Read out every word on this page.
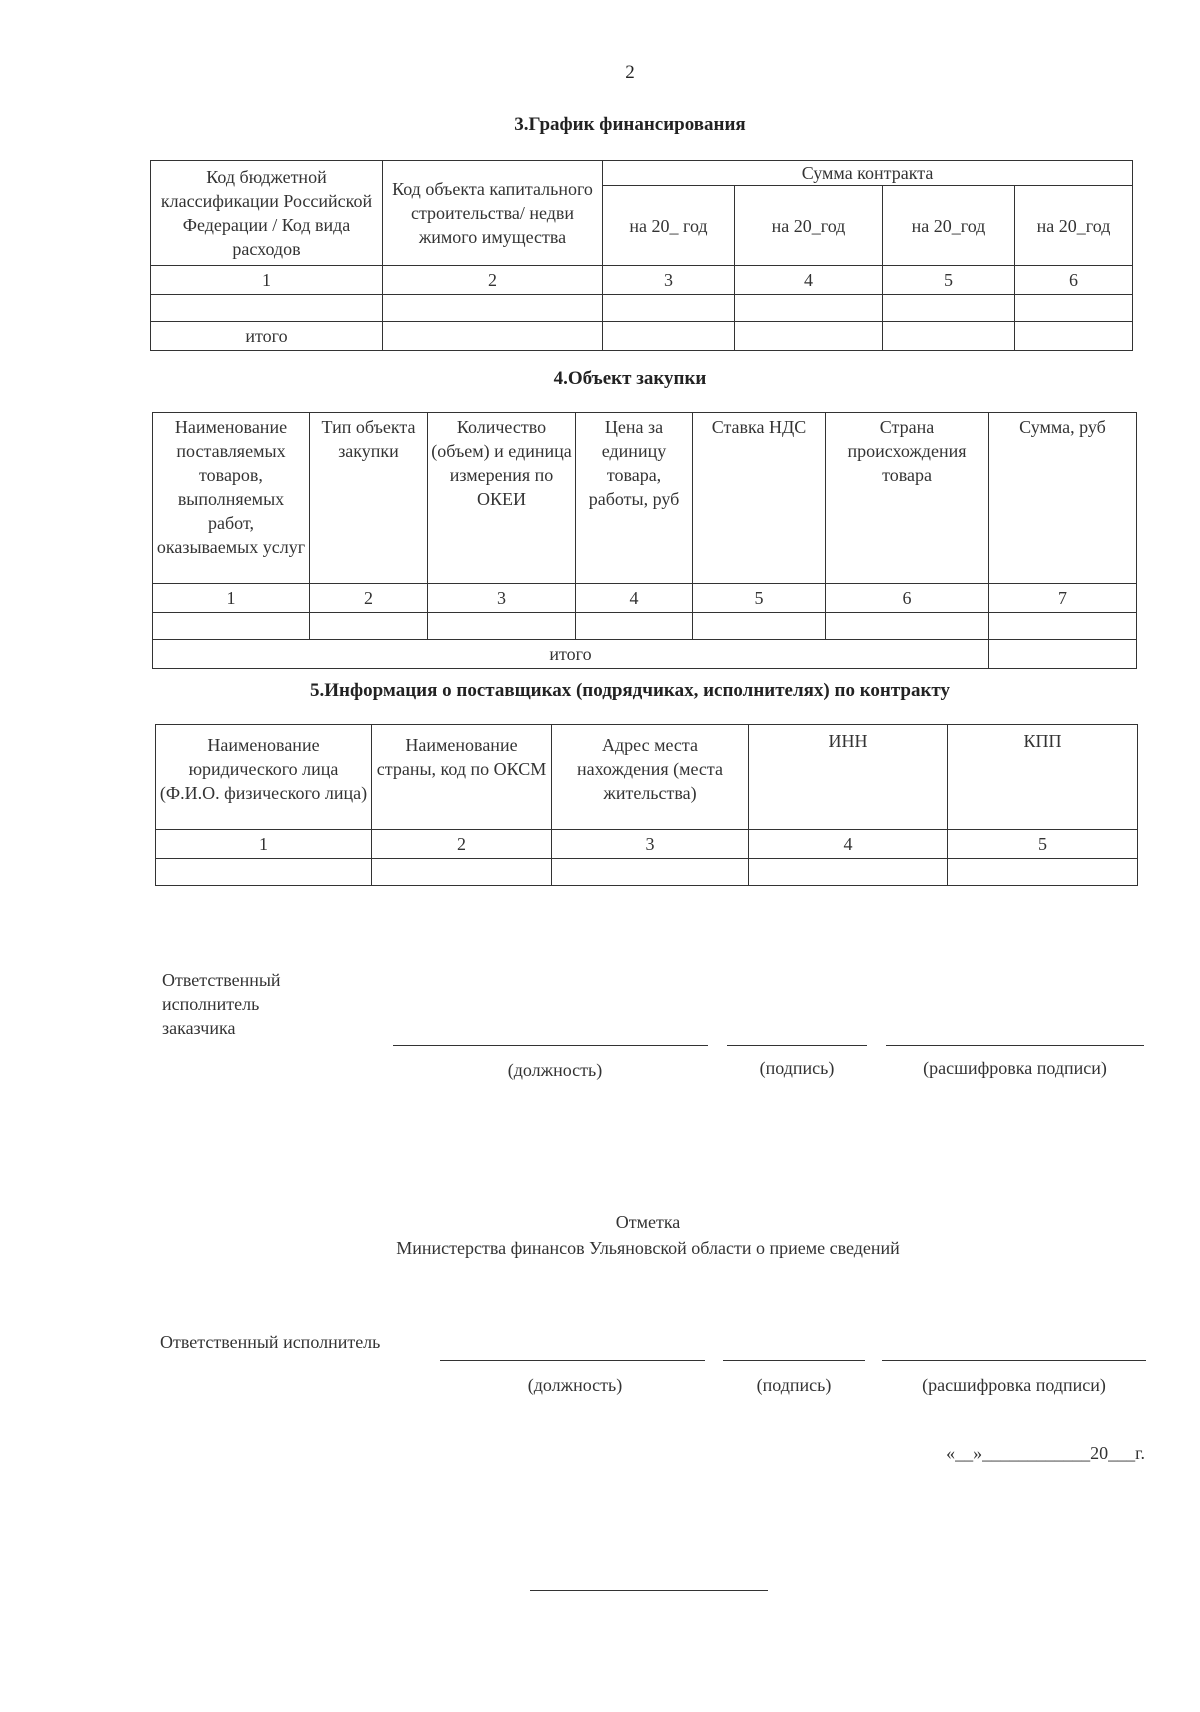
2
3.График финансирования
Код бюджетной классификации Российской Федерации / Код вида расходов	Код объекта капитального строительства/ недви жимого имущества	Сумма контракта			
		на 20_ год	на 20_год	на 20_год	на 20_год
1	2	3	4	5	6

итого					
4.Объект закупки
Наименование поставляемых товаров, выполняемых работ, оказываемых услуг	Тип объекта закупки	Количество (объем) и единица измерения по ОКЕИ	Цена за единицу товара, работы, руб	Ставка НДС	Страна происхождения товара	Сумма, руб
1	2	3	4	5	6	7

итого						
5.Информация о поставщиках (подрядчиках, исполнителях) по контракту
Наименование юридического лица (Ф.И.О. физического лица)	Наименование страны, код по ОКСМ	Адрес места нахождения (места жительства)	ИНН	КПП
1	2	3	4	5

Ответственный исполнитель заказчика
(должность)	(подпись)	(расшифровка подписи)
Отметка
Министерства финансов Ульяновской области о приеме сведений
Ответственный исполнитель
(должность)	(подпись)	(расшифровка подписи)
«__»____________20___г.
